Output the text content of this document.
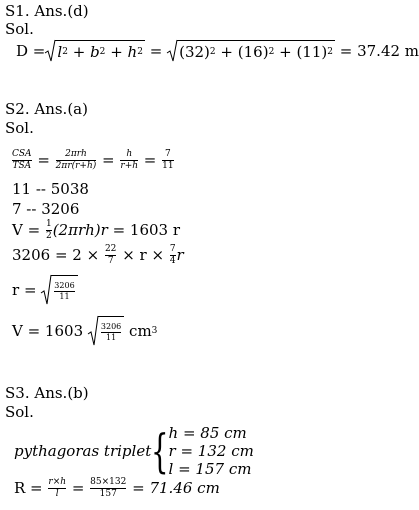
S1. Ans.(d)
Sol.
D = l 2
+
b 2
+
h 2
=
(32) 2
+
(16) 2
+
(11) 2
= 37.42 m
S2. Ans.(a)
Sol.
$\frac{\text{CSA}}{\text{TSA}} = \frac{\text{2πrh}}{2\pi r(r+h)} = \frac{h}{r+h} = \frac{7}{11}$
11 -- 5038
7 -- 3206
V =
$\frac{1}{2} (2\pi rh)r$
= 1603 r
3206 = 2 ×
$\frac{22}{7}$
× r ×
$\frac{7}{4}$ r
r =
$\frac{3206}{11}$
V = 1603
$\frac{3206}{11}$
cm 3
S3. Ans.(b)
Sol.
pythagoras triplet { h = 85 cm
r = 132 cm
l = 157 cm
R =
$\frac{r\times h}{l} = \frac{85\times 132}{157}$
= 71.46 cm
